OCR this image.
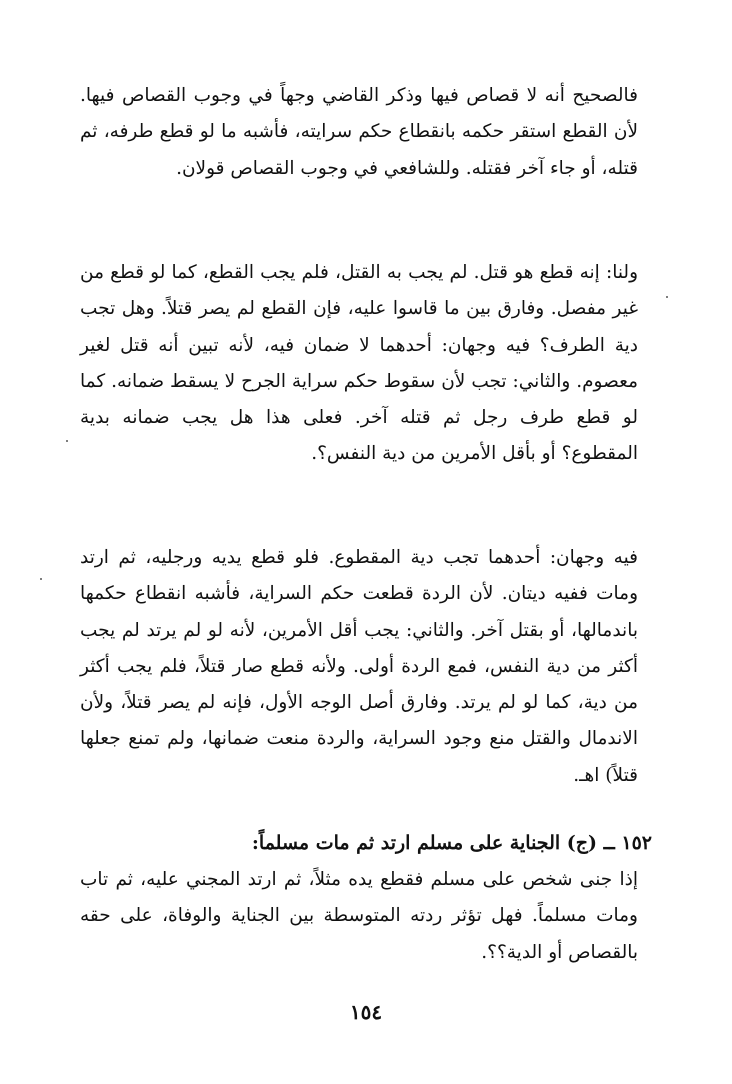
فالصحيح أنه لا قصاص فيها وذكر القاضي وجهاً في وجوب القصاص فيها. لأن القطع استقر حكمه بانقطاع حكم سرايته، فأشبه ما لو قطع طرفه، ثم قتله، أو جاء آخر فقتله. وللشافعي في وجوب القصاص قولان.

ولنا: إنه قطع هو قتل. لم يجب به القتل، فلم يجب القطع، كما لو قطع من غير مفصل. وفارق بين ما قاسوا عليه، فإن القطع لم يصر قتلاً. وهل تجب دية الطرف؟ فيه وجهان: أحدهما لا ضمان فيه، لأنه تبين أنه قتل لغير معصوم. والثاني: تجب لأن سقوط حكم سراية الجرح لا يسقط ضمانه. كما لو قطع طرف رجل ثم قتله آخر. فعلى هذا هل يجب ضمانه بدية المقطوع؟ أو بأقل الأمرين من دية النفس؟.

فيه وجهان: أحدهما تجب دية المقطوع. فلو قطع يديه ورجليه، ثم ارتد ومات ففيه ديتان. لأن الردة قطعت حكم السراية، فأشبه انقطاع حكمها باندمالها، أو بقتل آخر. والثاني: يجب أقل الأمرين، لأنه لو لم يرتد لم يجب أكثر من دية النفس، فمع الردة أولى. ولأنه قطع صار قتلاً، فلم يجب أكثر من دية، كما لو لم يرتد. وفارق أصل الوجه الأول، فإنه لم يصر قتلاً، ولأن الاندمال والقتل منع وجود السراية، والردة منعت ضمانها، ولم تمنع جعلها قتلاً) اهـ.

١٥٢ ــ (ج) الجناية على مسلم ارتد ثم مات مسلماً:

إذا جنى شخص على مسلم فقطع يده مثلاً، ثم ارتد المجني عليه، ثم تاب ومات مسلماً. فهل تؤثر ردته المتوسطة بين الجناية والوفاة، على حقه بالقصاص أو الدية؟؟.

١٥٤
